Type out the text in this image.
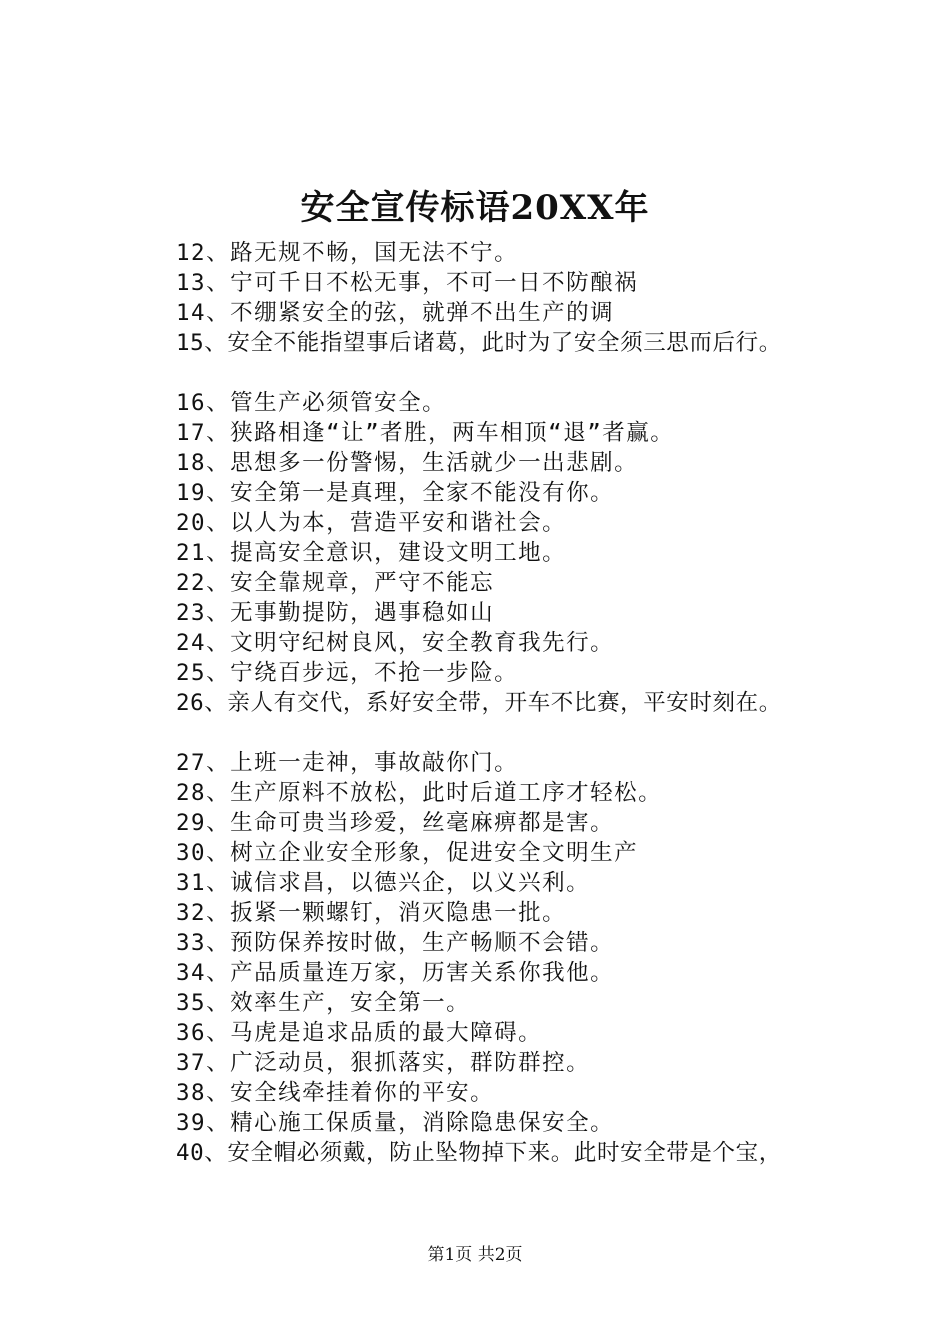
安全宣传标语20XX年
12、路无规不畅，国无法不宁。
13、宁可千日不松无事，不可一日不防酿祸
14、不绷紧安全的弦，就弹不出生产的调
15、安全不能指望事后诸葛，此时为了安全须三思而后行。
16、管生产必须管安全。
17、狭路相逢“让”者胜，两车相顶“退”者赢。
18、思想多一份警惕，生活就少一出悲剧。
19、安全第一是真理，全家不能没有你。
20、以人为本，营造平安和谐社会。
21、提高安全意识，建设文明工地。
22、安全靠规章，严守不能忘
23、无事勤提防，遇事稳如山
24、文明守纪树良风，安全教育我先行。
25、宁绕百步远，不抢一步险。
26、亲人有交代，系好安全带，开车不比赛，平安时刻在。
27、上班一走神，事故敲你门。
28、生产原料不放松，此时后道工序才轻松。
29、生命可贵当珍爱，丝毫麻痹都是害。
30、树立企业安全形象，促进安全文明生产
31、诚信求昌，以德兴企，以义兴利。
32、扳紧一颗螺钉，消灭隐患一批。
33、预防保养按时做，生产畅顺不会错。
34、产品质量连万家，历害关系你我他。
35、效率生产，安全第一。
36、马虎是追求品质的最大障碍。
37、广泛动员，狠抓落实，群防群控。
38、安全线牵挂着你的平安。
39、精心施工保质量，消除隐患保安全。
40、安全帽必须戴，防止坠物掉下来。此时安全带是个宝，
第1页 共2页
